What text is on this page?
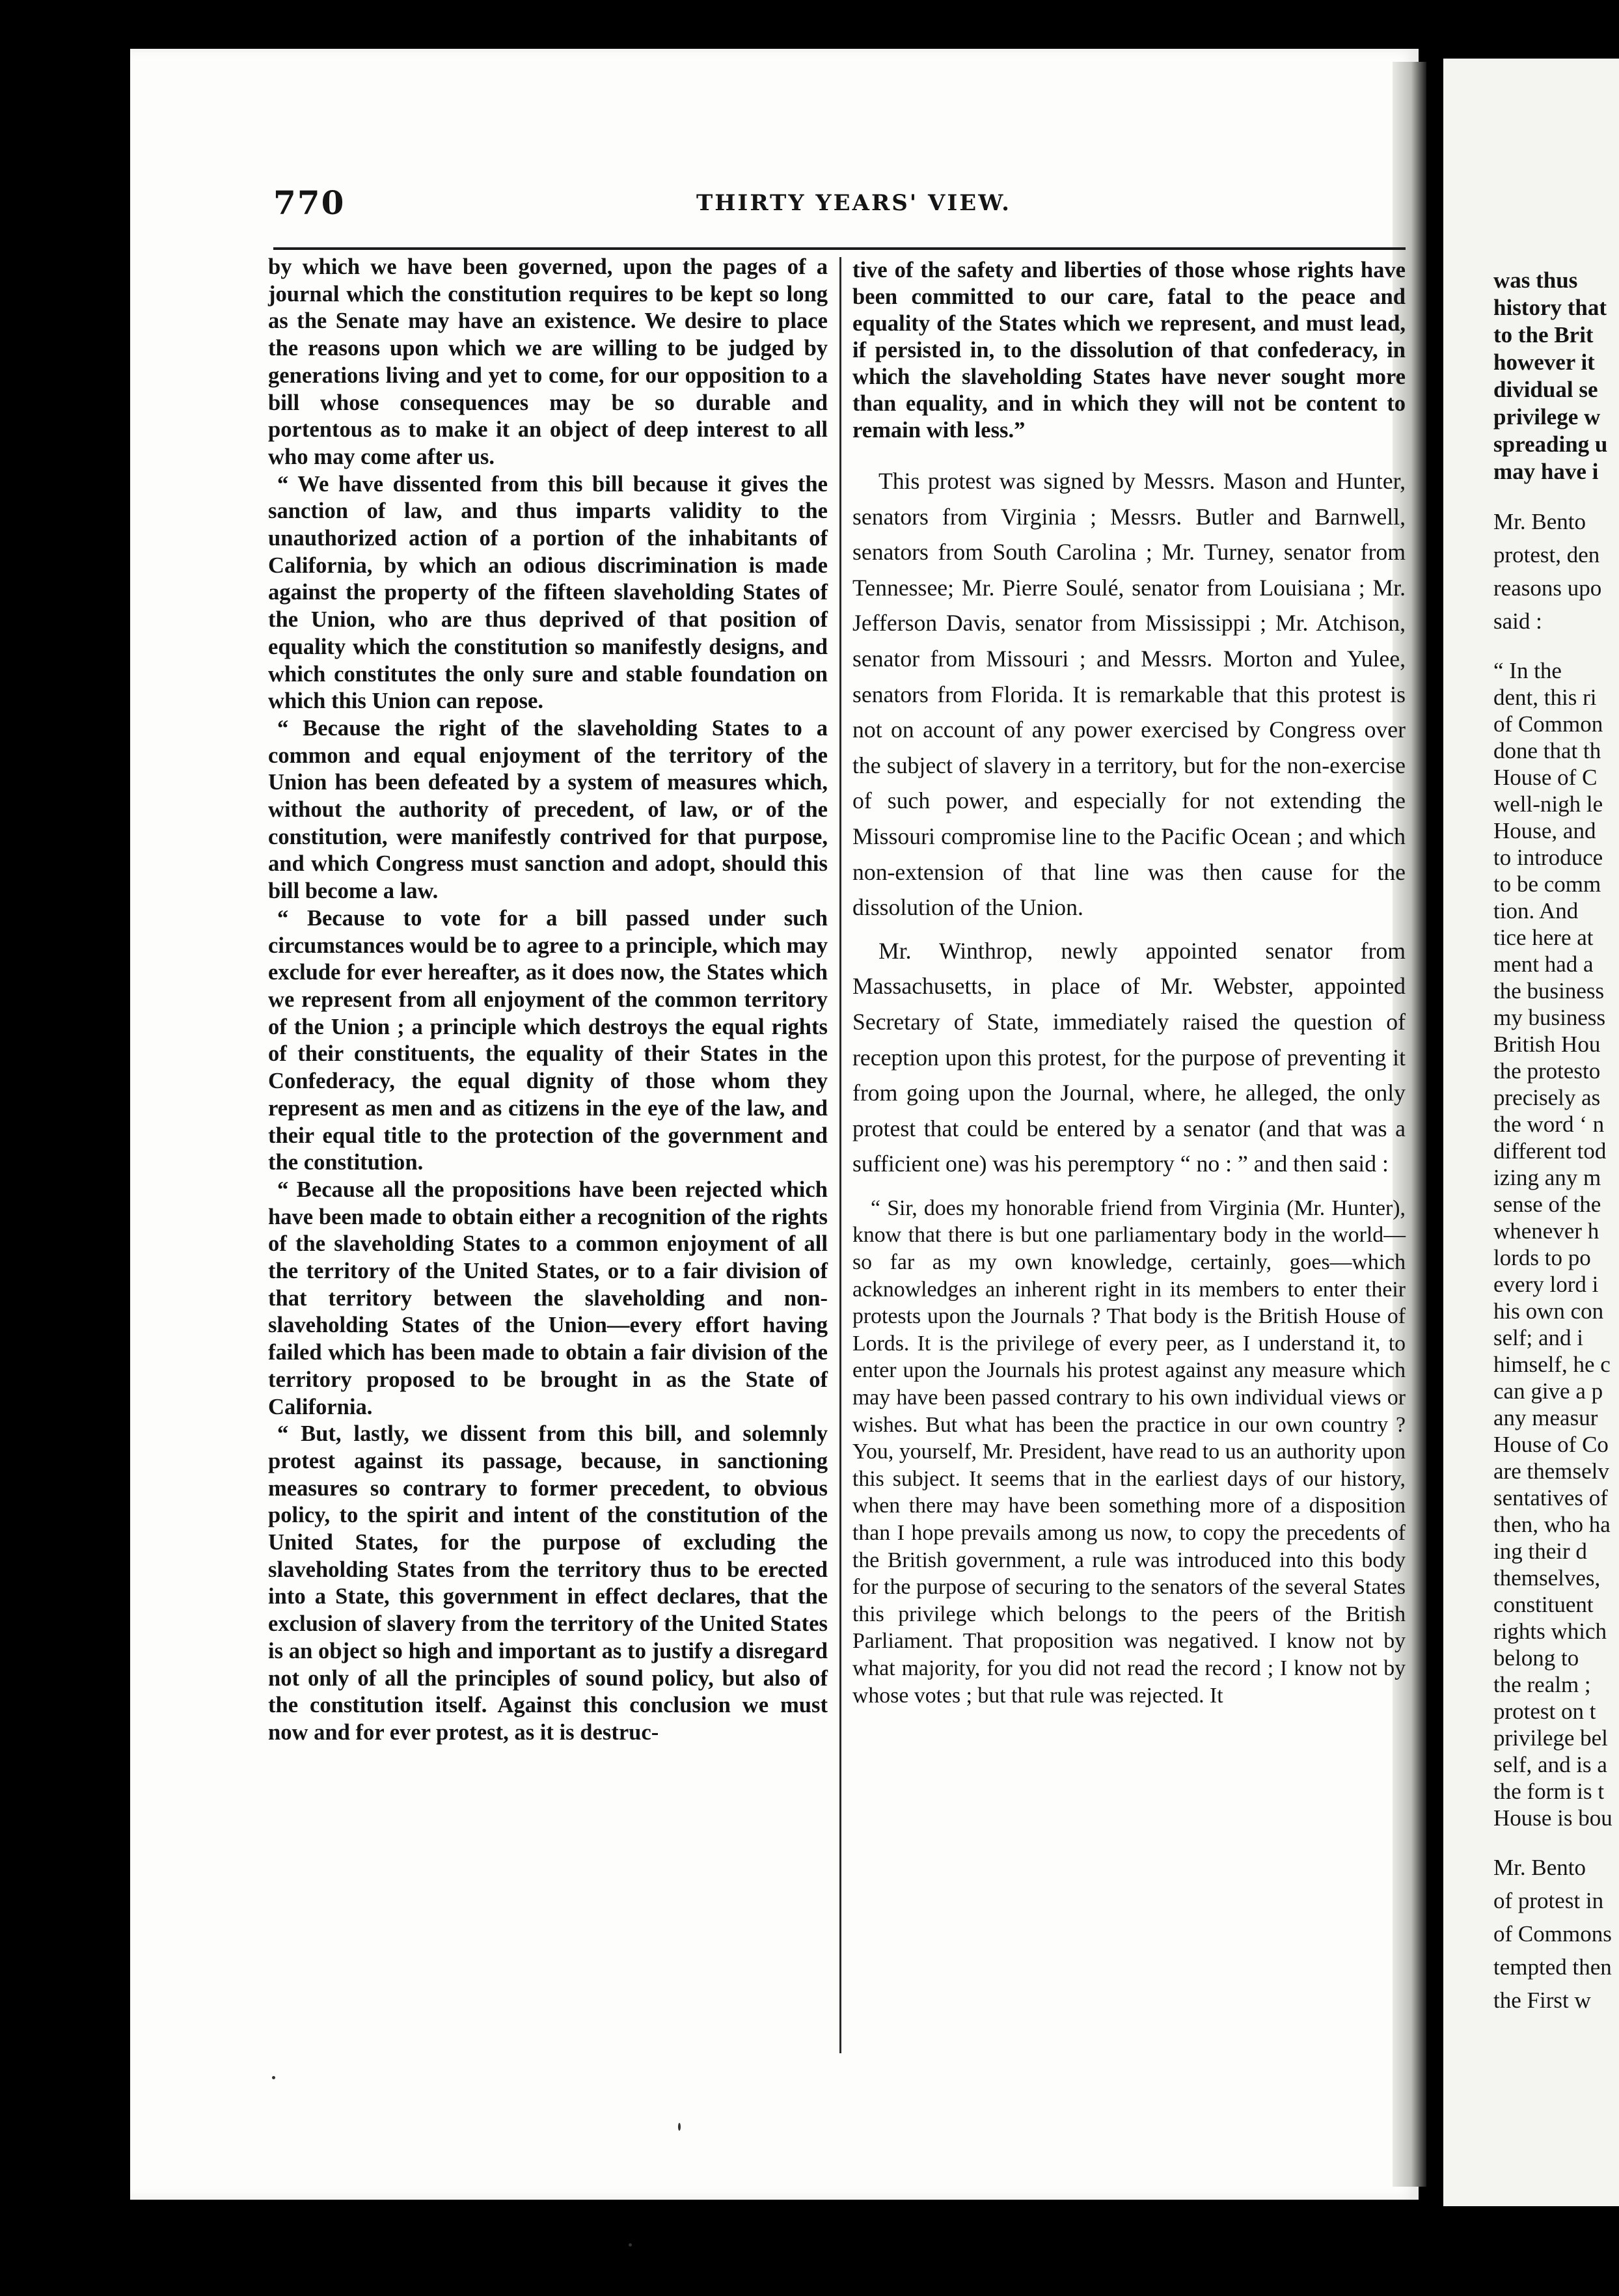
770	THIRTY YEARS' VIEW.

by which we have been governed, upon the pages of a journal which the constitution requires to be kept so long as the Senate may have an existence. We desire to place the reasons upon which we are willing to be judged by generations living and yet to come, for our opposition to a bill whose consequences may be so durable and portentous as to make it an object of deep interest to all who may come after us.

“ We have dissented from this bill because it gives the sanction of law, and thus imparts validity to the unauthorized action of a portion of the inhabitants of California, by which an odious discrimination is made against the property of the fifteen slaveholding States of the Union, who are thus deprived of that position of equality which the constitution so manifestly designs, and which constitutes the only sure and stable foundation on which this Union can repose.

“ Because the right of the slaveholding States to a common and equal enjoyment of the territory of the Union has been defeated by a system of measures which, without the authority of precedent, of law, or of the constitution, were manifestly contrived for that purpose, and which Congress must sanction and adopt, should this bill become a law.

“ Because to vote for a bill passed under such circumstances would be to agree to a principle, which may exclude for ever hereafter, as it does now, the States which we represent from all enjoyment of the common territory of the Union ; a principle which destroys the equal rights of their constituents, the equality of their States in the Confederacy, the equal dignity of those whom they represent as men and as citizens in the eye of the law, and their equal title to the protection of the government and the constitution.

“ Because all the propositions have been rejected which have been made to obtain either a recognition of the rights of the slaveholding States to a common enjoyment of all the territory of the United States, or to a fair division of that territory between the slaveholding and non-slaveholding States of the Union—every effort having failed which has been made to obtain a fair division of the territory proposed to be brought in as the State of California.

“ But, lastly, we dissent from this bill, and solemnly protest against its passage, because, in sanctioning measures so contrary to former precedent, to obvious policy, to the spirit and intent of the constitution of the United States, for the purpose of excluding the slaveholding States from the territory thus to be erected into a State, this government in effect declares, that the exclusion of slavery from the territory of the United States is an object so high and important as to justify a disregard not only of all the principles of sound policy, but also of the constitution itself. Against this conclusion we must now and for ever protest, as it is destruc-

tive of the safety and liberties of those whose rights have been committed to our care, fatal to the peace and equality of the States which we represent, and must lead, if persisted in, to the dissolution of that confederacy, in which the slaveholding States have never sought more than equality, and in which they will not be content to remain with less.”

This protest was signed by Messrs. Mason and Hunter, senators from Virginia ; Messrs. Butler and Barnwell, senators from South Carolina ; Mr. Turney, senator from Tennessee; Mr. Pierre Soulé, senator from Louisiana ; Mr. Jefferson Davis, senator from Mississippi ; Mr. Atchison, senator from Missouri ; and Messrs. Morton and Yulee, senators from Florida. It is remarkable that this protest is not on account of any power exercised by Congress over the subject of slavery in a territory, but for the non-exercise of such power, and especially for not extending the Missouri compromise line to the Pacific Ocean ; and which non-extension of that line was then cause for the dissolution of the Union.

Mr. Winthrop, newly appointed senator from Massachusetts, in place of Mr. Webster, appointed Secretary of State, immediately raised the question of reception upon this protest, for the purpose of preventing it from going upon the Journal, where, he alleged, the only protest that could be entered by a senator (and that was a sufficient one) was his peremptory “ no : ” and then said :

“ Sir, does my honorable friend from Virginia (Mr. Hunter), know that there is but one parliamentary body in the world—so far as my own knowledge, certainly, goes—which acknowledges an inherent right in its members to enter their protests upon the Journals ? That body is the British House of Lords. It is the privilege of every peer, as I understand it, to enter upon the Journals his protest against any measure which may have been passed contrary to his own individual views or wishes. But what has been the practice in our own country ? You, yourself, Mr. President, have read to us an authority upon this subject. It seems that in the earliest days of our history, when there may have been something more of a disposition than I hope prevails among us now, to copy the precedents of the British government, a rule was introduced into this body for the purpose of securing to the senators of the several States this privilege which belongs to the peers of the British Parliament. That proposition was negatived. I know not by what majority, for you did not read the record ; I know not by whose votes ; but that rule was rejected. It

was thus
history that
to the Brit
however it
dividual se
privilege w
spreading u
may have i
Mr. Bento
protest, den
reasons upo
said :
“ In the
dent, this ri
of Common
done that th
House of C
well-nigh le
House, and
to introduce
to be comm
tion. And
tice here at
ment had a
the business
my business
British Hou
the protesto
precisely as
the word ‘ n
different tod
izing any m
sense of the
whenever h
lords to po
every lord i
his own con
self; and i
himself, he c
can give a p
any measur
House of Co
are themselv
sentatives of
then, who ha
ing their d
themselves,
constituent
rights which
belong to
the realm ;
protest on t
privilege bel
self, and is a
the form is t
House is bou
Mr. Bento
of protest in
of Commons
tempted then
the First w
